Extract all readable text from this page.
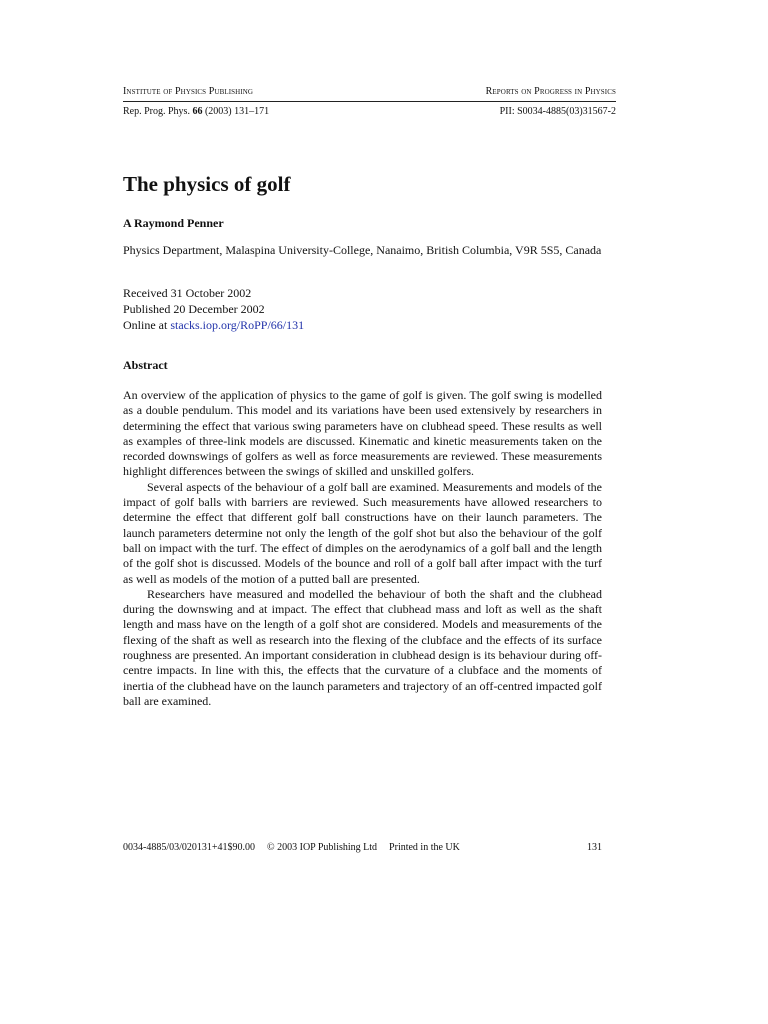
Institute of Physics Publishing	Reports on Progress in Physics
Rep. Prog. Phys. 66 (2003) 131–171	PII: S0034-4885(03)31567-2
The physics of golf
A Raymond Penner
Physics Department, Malaspina University-College, Nanaimo, British Columbia, V9R 5S5, Canada
Received 31 October 2002
Published 20 December 2002
Online at stacks.iop.org/RoPP/66/131
Abstract

An overview of the application of physics to the game of golf is given. The golf swing is modelled as a double pendulum. This model and its variations have been used extensively by researchers in determining the effect that various swing parameters have on clubhead speed. These results as well as examples of three-link models are discussed. Kinematic and kinetic measurements taken on the recorded downswings of golfers as well as force measurements are reviewed. These measurements highlight differences between the swings of skilled and unskilled golfers.

Several aspects of the behaviour of a golf ball are examined. Measurements and models of the impact of golf balls with barriers are reviewed. Such measurements have allowed researchers to determine the effect that different golf ball constructions have on their launch parameters. The launch parameters determine not only the length of the golf shot but also the behaviour of the golf ball on impact with the turf. The effect of dimples on the aerodynamics of a golf ball and the length of the golf shot is discussed. Models of the bounce and roll of a golf ball after impact with the turf as well as models of the motion of a putted ball are presented.

Researchers have measured and modelled the behaviour of both the shaft and the clubhead during the downswing and at impact. The effect that clubhead mass and loft as well as the shaft length and mass have on the length of a golf shot are considered. Models and measurements of the flexing of the shaft as well as research into the flexing of the clubface and the effects of its surface roughness are presented. An important consideration in clubhead design is its behaviour during off-centre impacts. In line with this, the effects that the curvature of a clubface and the moments of inertia of the clubhead have on the launch parameters and trajectory of an off-centred impacted golf ball are examined.

0034-4885/03/020131+41$90.00 © 2003 IOP Publishing Ltd Printed in the UK	131
